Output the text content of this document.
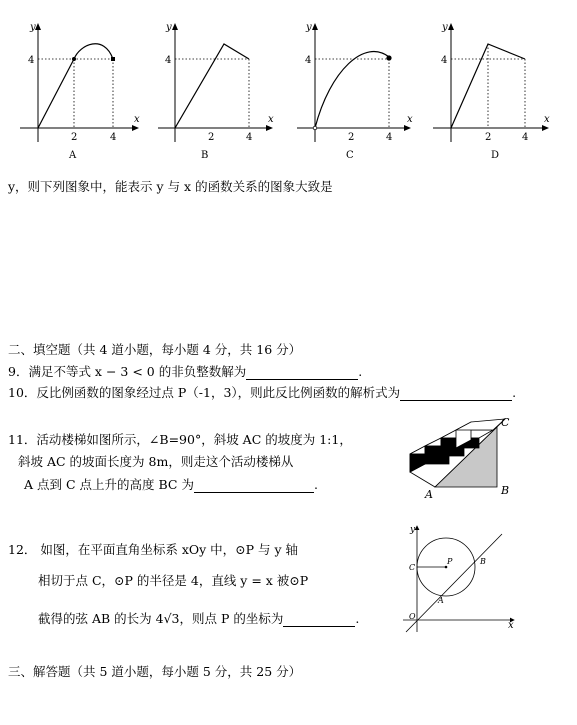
y
x
4
2	4
A
y
x
4
2	4
B
y
x
4
2	4
C
y
x
4
2	4
D
y，则下列图象中，能表示 y 与 x 的函数关系的图象大致是
二、填空题（共 4 道小题，每小题 4 分，共 16 分）
9．满足不等式 x − 3 < 0 的非负整数解为	.
10．反比例函数的图象经过点 P（-1，3），则此反比例函数的解析式为	.
11．活动楼梯如图所示，∠B=90°，斜坡 AC 的坡度为 1:1，
斜坡 AC 的坡面长度为 8m，则走这个活动楼梯从
A 点到 C 点上升的高度 BC 为	.
C
A	B
12． 如图，在平面直角坐标系 xOy 中，⊙P 与 y 轴
相切于点 C，⊙P 的半径是 4，直线 y = x 被⊙P
截得的弦 AB 的长为 4√3，则点 P 的坐标为	.
y
x
O
C
P
A
B
三、解答题（共 5 道小题，每小题 5 分，共 25 分）
